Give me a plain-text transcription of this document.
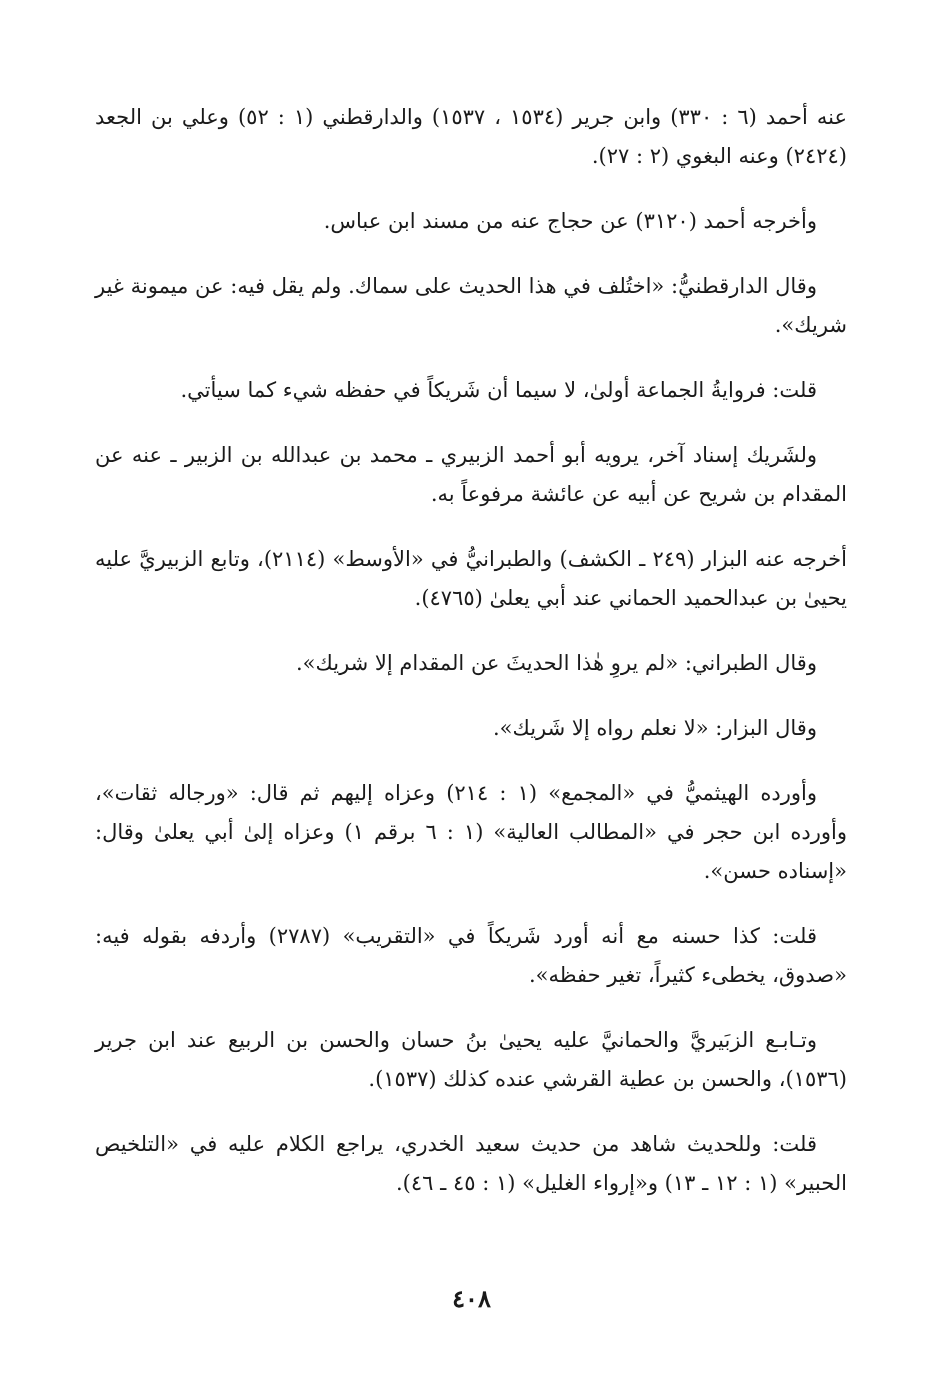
عنه أحمد (٦ : ٣٣٠) وابن جرير (١٥٣٤ ، ١٥٣٧) والدارقطني (١ : ٥٢) وعلي بن الجعد (٢٤٢٤) وعنه البغوي (٢ : ٢٧).

وأخرجه أحمد (٣١٢٠) عن حجاج عنه من مسند ابن عباس.

وقال الدارقطنيُّ: «اختُلف في هذا الحديث على سماك. ولم يقل فيه: عن ميمونة غير شريك».

قلت: فروايةُ الجماعة أولىٰ، لا سيما أن شَريكاً في حفظه شيء كما سيأتي.

ولشَريك إسناد آخر، يرويه أبو أحمد الزبيري ـ محمد بن عبدالله بن الزبير ـ عنه عن المقدام بن شريح عن أبيه عن عائشة مرفوعاً به.

أخرجه عنه البزار (٢٤٩ ـ الكشف) والطبرانيُّ في «الأوسط» (٢١١٤)، وتابع الزبيريَّ عليه يحيىٰ بن عبدالحميد الحماني عند أبي يعلىٰ (٤٧٦٥).

وقال الطبراني: «لم يروِ هٰذا الحديثَ عن المقدام إلا شريك».

وقال البزار: «لا نعلم رواه إلا شَريك».

وأورده الهيثميُّ في «المجمع» (١ : ٢١٤) وعزاه إليهم ثم قال: «ورجاله ثقات»، وأورده ابن حجر في «المطالب العالية» (١ : ٦ برقم ١) وعزاه إلىٰ أبي يعلىٰ وقال: «إسناده حسن».

قلت: كذا حسنه مع أنه أورد شَريكاً في «التقريب» (٢٧٨٧) وأردفه بقوله فيه: «صدوق، يخطىء كثيراً، تغير حفظه».

وتـابـع الزبَيريَّ والحمانيَّ عليه يحيىٰ بنُ حسان والحسن بن الربيع عند ابن جرير (١٥٣٦)، والحسن بن عطية القرشي عنده كذلك (١٥٣٧).

قلت: وللحديث شاهد من حديث سعيد الخدري، يراجع الكلام عليه في «التلخيص الحبير» (١ : ١٢ ـ ١٣) و«إرواء الغليل» (١ : ٤٥ ـ ٤٦).

٤٠٨
